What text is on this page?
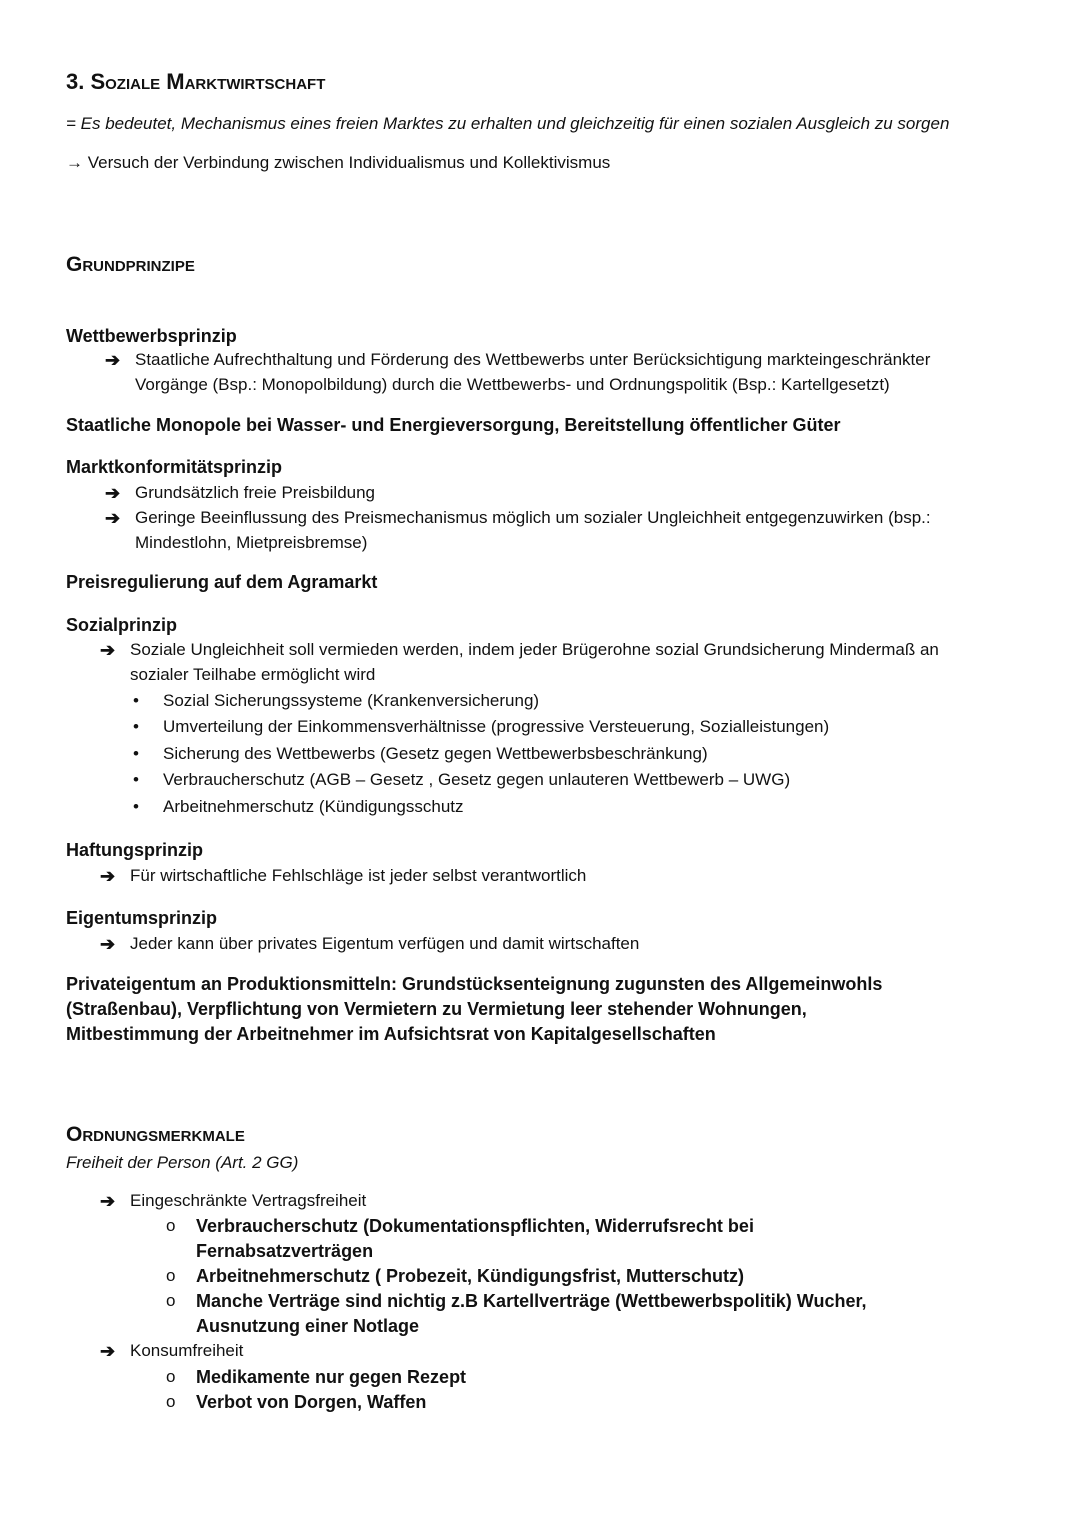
3. Soziale Marktwirtschaft
= Es bedeutet, Mechanismus eines freien Marktes zu erhalten und gleichzeitig für einen sozialen Ausgleich zu sorgen
→ Versuch der Verbindung zwischen Individualismus und Kollektivismus
Grundprinzipe
Wettbewerbsprinzip
➔ Staatliche Aufrechthaltung und Förderung des Wettbewerbs unter Berücksichtigung markteingeschränkter
Vorgänge (Bsp.: Monopolbildung) durch die Wettbewerbs- und Ordnungspolitik (Bsp.: Kartellgesetzt)
Staatliche Monopole bei Wasser- und Energieversorgung, Bereitstellung öffentlicher Güter
Marktkonformitätsprinzip
➔ Grundsätzlich freie Preisbildung
➔ Geringe Beeinflussung des Preismechanismus möglich um sozialer Ungleichheit entgegenzuwirken (bsp.:
Mindestlohn, Mietpreisbremse)
Preisregulierung auf dem Agramarkt
Sozialprinzip
➔ Soziale Ungleichheit soll vermieden werden, indem jeder Brügerohne sozial Grundsicherung Mindermaß an
sozialer Teilhabe ermöglicht wird
• Sozial Sicherungssysteme (Krankenversicherung)
• Umverteilung der Einkommensverhältnisse (progressive Versteuerung, Sozialleistungen)
• Sicherung des Wettbewerbs (Gesetz gegen Wettbewerbsbeschränkung)
• Verbraucherschutz (AGB – Gesetz , Gesetz gegen unlauteren Wettbewerb – UWG)
• Arbeitnehmerschutz (Kündigungsschutz
Haftungsprinzip
➔ Für wirtschaftliche Fehlschläge ist jeder selbst verantwortlich
Eigentumsprinzip
➔ Jeder kann über privates Eigentum verfügen und damit wirtschaften
Privateigentum an Produktionsmitteln: Grundstücksenteignung zugunsten des Allgemeinwohls
(Straßenbau), Verpflichtung von Vermietern zu Vermietung leer stehender Wohnungen,
Mitbestimmung der Arbeitnehmer im Aufsichtsrat von Kapitalgesellschaften
Ordnungsmerkmale
Freiheit der Person (Art. 2 GG)
➔ Eingeschränkte Vertragsfreiheit
o Verbraucherschutz (Dokumentationspflichten, Widerrufsrecht bei
Fernabsatzverträgen
o Arbeitnehmerschutz ( Probezeit, Kündigungsfrist, Mutterschutz)
o Manche Verträge sind nichtig z.B Kartellverträge (Wettbewerbspolitik) Wucher,
Ausnutzung einer Notlage
➔ Konsumfreiheit
o Medikamente nur gegen Rezept
o Verbot von Dorgen, Waffen
